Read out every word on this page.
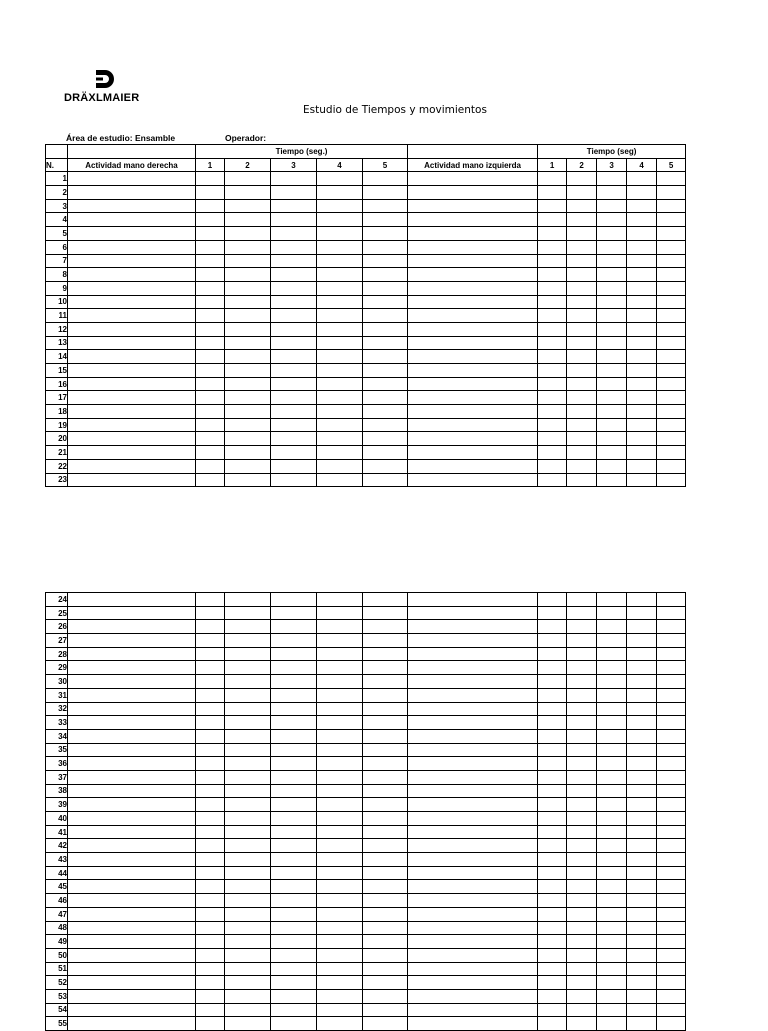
DRÄXLMAIER
Estudio de Tiempos y movimientos
Área de estudio: Ensamble	Operador:
		Tiempo (seg.)						Tiempo (seg)				
N.	Actividad mano derecha	1	2	3	4	5	Actividad mano izquierda	1	2	3	4	5
1												
2												
3												
4												
5												
6												
7												
8												
9												
10												
11												
12												
13												
14												
15												
16												
17												
18												
19												
20												
21												
22												
23												
24												
25												
26												
27												
28												
29												
30												
31												
32												
33												
34												
35												
36												
37												
38												
39												
40												
41												
42												
43												
44												
45												
46												
47												
48												
49												
50												
51												
52												
53												
54												
55												
